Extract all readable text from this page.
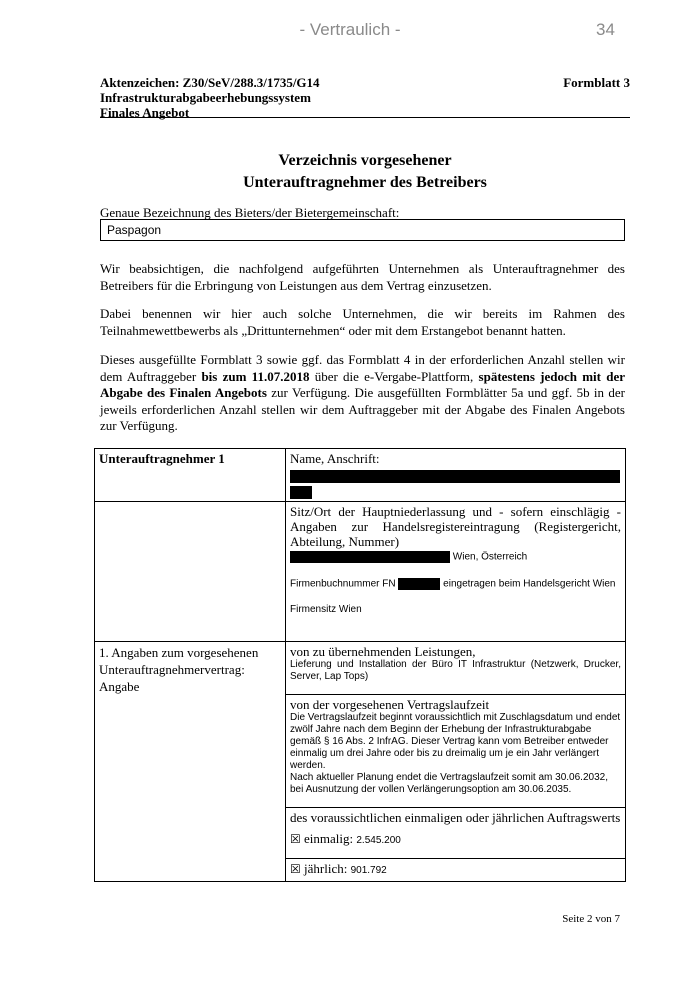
- Vertraulich -	34
Aktenzeichen: Z30/SeV/288.3/1735/G14
Infrastrukturabgabeerhebungssystem
Finales Angebot
Formblatt 3
Verzeichnis vorgesehener
Unterauftragnehmer des Betreibers
Genaue Bezeichnung des Bieters/der Bietergemeinschaft:
Paspagon
Wir beabsichtigen, die nachfolgend aufgeführten Unternehmen als Unterauftragnehmer des Betreibers für die Erbringung von Leistungen aus dem Vertrag einzusetzen.
Dabei benennen wir hier auch solche Unternehmen, die wir bereits im Rahmen des Teilnahmewettbewerbs als „Drittunternehmen“ oder mit dem Erstangebot benannt hatten.
Dieses ausgefüllte Formblatt 3 sowie ggf. das Formblatt 4 in der erforderlichen Anzahl stellen wir dem Auftraggeber bis zum 11.07.2018 über die e-Vergabe-Plattform, spätestens jedoch mit der Abgabe des Finalen Angebots zur Verfügung. Die ausgefüllten Formblätter 5a und ggf. 5b in der jeweils erforderlichen Anzahl stellen wir dem Auftraggeber mit der Abgabe des Finalen Angebots zur Verfügung.
Unterauftragnehmer 1	Name, Anschrift:

	Sitz/Ort der Hauptniederlassung und - sofern einschlägig - Angaben zur Handelsregistereintragung (Registergericht, Abteilung, Nummer)
Wien, Österreich
Firmenbuchnummer FN eingetragen beim Handelsgericht Wien
Firmensitz Wien

1. Angaben zum vorgesehenen Unterauftragnehmervertrag: Angabe	von zu übernehmenden Leistungen,
Lieferung und Installation der Büro IT Infrastruktur (Netzwerk, Drucker, Server, Lap Tops)

	von der vorgesehenen Vertragslaufzeit
Die Vertragslaufzeit beginnt voraussichtlich mit Zuschlagsdatum und endet zwölf Jahre nach dem Beginn der Erhebung der Infrastrukturabgabe gemäß § 16 Abs. 2 InfrAG. Dieser Vertrag kann vom Betreiber entweder einmalig um drei Jahre oder bis zu dreimalig um je ein Jahr verlängert werden.
Nach aktueller Planung endet die Vertragslaufzeit somit am 30.06.2032, bei Ausnutzung der vollen Verlängerungsoption am 30.06.2035.

	des voraussichtlichen einmaligen oder jährlichen Auftragswerts
☒ einmalig: 2.545.200

	☒ jährlich: 901.792
Seite 2 von 7
